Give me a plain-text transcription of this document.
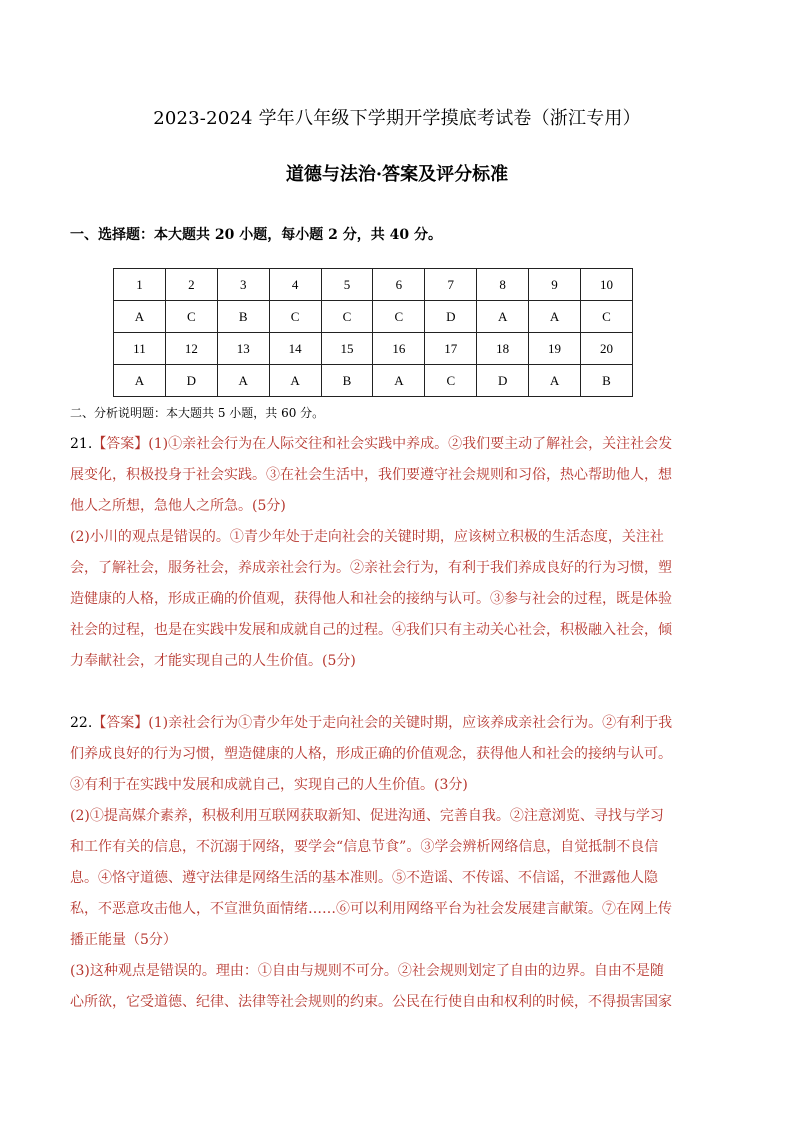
2023-2024 学年八年级下学期开学摸底考试卷（浙江专用）
道德与法治·答案及评分标准
一、选择题：本大题共 20 小题，每小题 2 分，共 40 分。
1	2	3	4	5	6	7	8	9	10
A	C	B	C	C	C	D	A	A	C
11	12	13	14	15	16	17	18	19	20
A	D	A	A	B	A	C	D	A	B
二、分析说明题：本大题共 5 小题，共 60 分。

21.【答案】(1)①亲社会行为在人际交往和社会实践中养成。②我们要主动了解社会，关注社会发展变化，积极投身于社会实践。③在社会生活中，我们要遵守社会规则和习俗，热心帮助他人，想他人之所想，急他人之所急。(5分)

(2)小川的观点是错误的。①青少年处于走向社会的关键时期，应该树立积极的生活态度，关注社会，了解社会，服务社会，养成亲社会行为。②亲社会行为，有利于我们养成良好的行为习惯，塑造健康的人格，形成正确的价值观，获得他人和社会的接纳与认可。③参与社会的过程，既是体验社会的过程，也是在实践中发展和成就自己的过程。④我们只有主动关心社会，积极融入社会，倾力奉献社会，才能实现自己的人生价值。(5分)

22.【答案】(1)亲社会行为①青少年处于走向社会的关键时期，应该养成亲社会行为。②有利于我们养成良好的行为习惯，塑造健康的人格，形成正确的价值观念，获得他人和社会的接纳与认可。③有利于在实践中发展和成就自己，实现自己的人生价值。(3分)

(2)①提高媒介素养，积极利用互联网获取新知、促进沟通、完善自我。②注意浏览、寻找与学习和工作有关的信息，不沉溺于网络，要学会“信息节食”。③学会辨析网络信息，自觉抵制不良信息。④恪守道德、遵守法律是网络生活的基本准则。⑤不造谣、不传谣、不信谣，不泄露他人隐私，不恶意攻击他人，不宣泄负面情绪……⑥可以利用网络平台为社会发展建言献策。⑦在网上传播正能量（5分）

(3)这种观点是错误的。理由：①自由与规则不可分。②社会规则划定了自由的边界。自由不是随心所欲，它受道德、纪律、法律等社会规则的约束。公民在行使自由和权利的时候，不得损害国家
